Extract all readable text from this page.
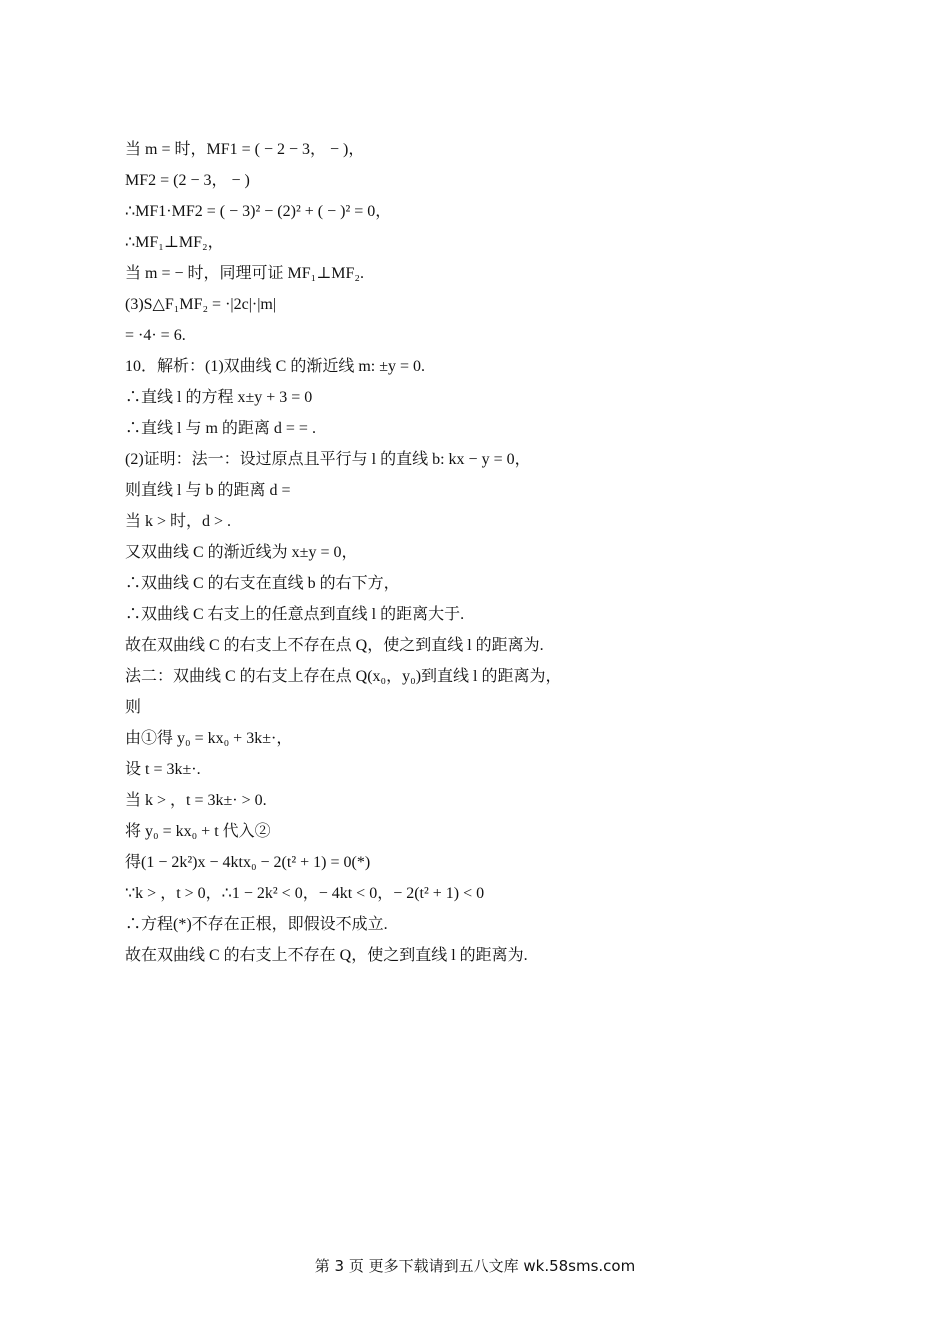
当 m = 时，MF1 = ( − 2 − 3， − )，
MF2 = (2 − 3， − )
∴MF1·MF2 = ( − 3)² − (2)² + ( − )² = 0，
∴MF₁⊥MF₂，
当 m = − 时，同理可证 MF₁⊥MF₂.
(3)S△F₁MF₂ = ·|2c|·|m|
= ·4· = 6.
10．解析：(1)双曲线 C 的渐近线 m: ±y = 0.
∴直线 l 的方程 x±y + 3 = 0
∴直线 l 与 m 的距离 d = = .
(2)证明：法一：设过原点且平行与 l 的直线 b: kx − y = 0，
则直线 l 与 b 的距离 d =
当 k > 时，d > .
又双曲线 C 的渐近线为 x±y = 0，
∴双曲线 C 的右支在直线 b 的右下方，
∴双曲线 C 右支上的任意点到直线 l 的距离大于.
故在双曲线 C 的右支上不存在点 Q，使之到直线 l 的距离为.
法二：双曲线 C 的右支上存在点 Q(x₀，y₀)到直线 l 的距离为，
则
由①得 y₀ = kx₀ + 3k±·，
设 t = 3k±·.
当 k > ，t = 3k±· > 0.
将 y₀ = kx₀ + t 代入②
得(1 − 2k²)x − 4ktx₀ − 2(t² + 1) = 0(*)
∵k > ，t > 0，∴1 − 2k² < 0，− 4kt < 0，− 2(t² + 1) < 0
∴方程(*)不存在正根，即假设不成立.
故在双曲线 C 的右支上不存在 Q，使之到直线 l 的距离为.
第 3 页 更多下载请到五八文库 wk.58sms.com
